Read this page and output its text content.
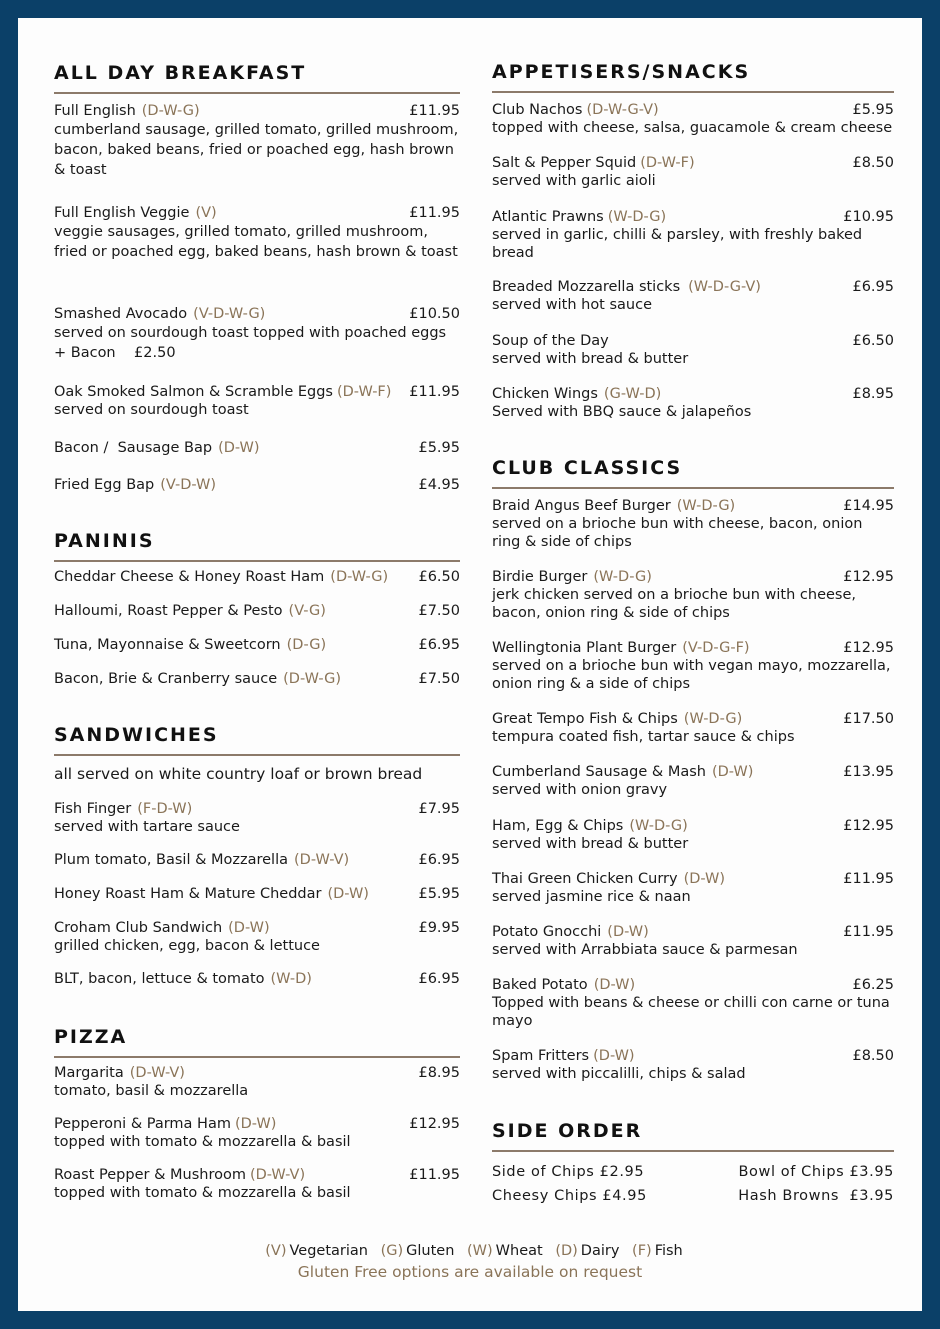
ALL DAY BREAKFAST
Full English (D-W-G)	£11.95
cumberland sausage, grilled tomato, grilled mushroom, bacon, baked beans, fried or poached egg, hash brown & toast
Full English Veggie (V)	£11.95
veggie sausages, grilled tomato, grilled mushroom, fried or poached egg, baked beans, hash brown & toast
Smashed Avocado (V-D-W-G)	£10.50
served on sourdough toast topped with poached eggs
+ Bacon    £2.50
Oak Smoked Salmon & Scramble Eggs (D-W-F) £11.95
served on sourdough toast
Bacon /  Sausage Bap (D-W)	£5.95
Fried Egg Bap (V-D-W)	£4.95
PANINIS
Cheddar Cheese & Honey Roast Ham (D-W-G) £6.50
Halloumi, Roast Pepper & Pesto (V-G)	£7.50
Tuna, Mayonnaise & Sweetcorn (D-G)	£6.95
Bacon, Brie & Cranberry sauce (D-W-G)	£7.50
SANDWICHES
all served on white country loaf or brown bread
Fish Finger (F-D-W)	£7.95
served with tartare sauce
Plum tomato, Basil & Mozzarella (D-W-V)	£6.95
Honey Roast Ham & Mature Cheddar (D-W)	£5.95
Croham Club Sandwich (D-W)	£9.95
grilled chicken, egg, bacon & lettuce
BLT, bacon, lettuce & tomato (W-D)	£6.95
PIZZA
Margarita (D-W-V)	£8.95
tomato, basil & mozzarella
Pepperoni & Parma Ham (D-W)	£12.95
topped with tomato & mozzarella & basil
Roast Pepper & Mushroom (D-W-V)	£11.95
topped with tomato & mozzarella & basil
APPETISERS/SNACKS
Club Nachos (D-W-G-V)	£5.95
topped with cheese, salsa, guacamole & cream cheese
Salt & Pepper Squid (D-W-F)	£8.50
served with garlic aioli
Atlantic Prawns (W-D-G)	£10.95
served in garlic, chilli & parsley, with freshly baked bread
Breaded Mozzarella sticks (W-D-G-V)	£6.95
served with hot sauce
Soup of the Day	£6.50
served with bread & butter
Chicken Wings (G-W-D)	£8.95
Served with BBQ sauce & jalapeños
CLUB CLASSICS
Braid Angus Beef Burger (W-D-G)	£14.95
served on a brioche bun with cheese, bacon, onion ring & side of chips
Birdie Burger (W-D-G)	£12.95
jerk chicken served on a brioche bun with cheese, bacon, onion ring & side of chips
Wellingtonia Plant Burger (V-D-G-F)	£12.95
served on a brioche bun with vegan mayo, mozzarella, onion ring & a side of chips
Great Tempo Fish & Chips (W-D-G)	£17.50
tempura coated fish, tartar sauce & chips
Cumberland Sausage & Mash (D-W)	£13.95
served with onion gravy
Ham, Egg & Chips (W-D-G)	£12.95
served with bread & butter
Thai Green Chicken Curry (D-W)	£11.95
served jasmine rice & naan
Potato Gnocchi (D-W)	£11.95
served with Arrabbiata sauce & parmesan
Baked Potato (D-W)	£6.25
Topped with beans & cheese or chilli con carne or tuna mayo
Spam Fritters (D-W)	£8.50
served with piccalilli, chips & salad
SIDE ORDER
Side of Chips £2.95	Bowl of Chips £3.95
Cheesy Chips £4.95	Hash Browns  £3.95
(V) Vegetarian (G) Gluten (W) Wheat (D) Dairy (F) Fish
Gluten Free options are available on request
